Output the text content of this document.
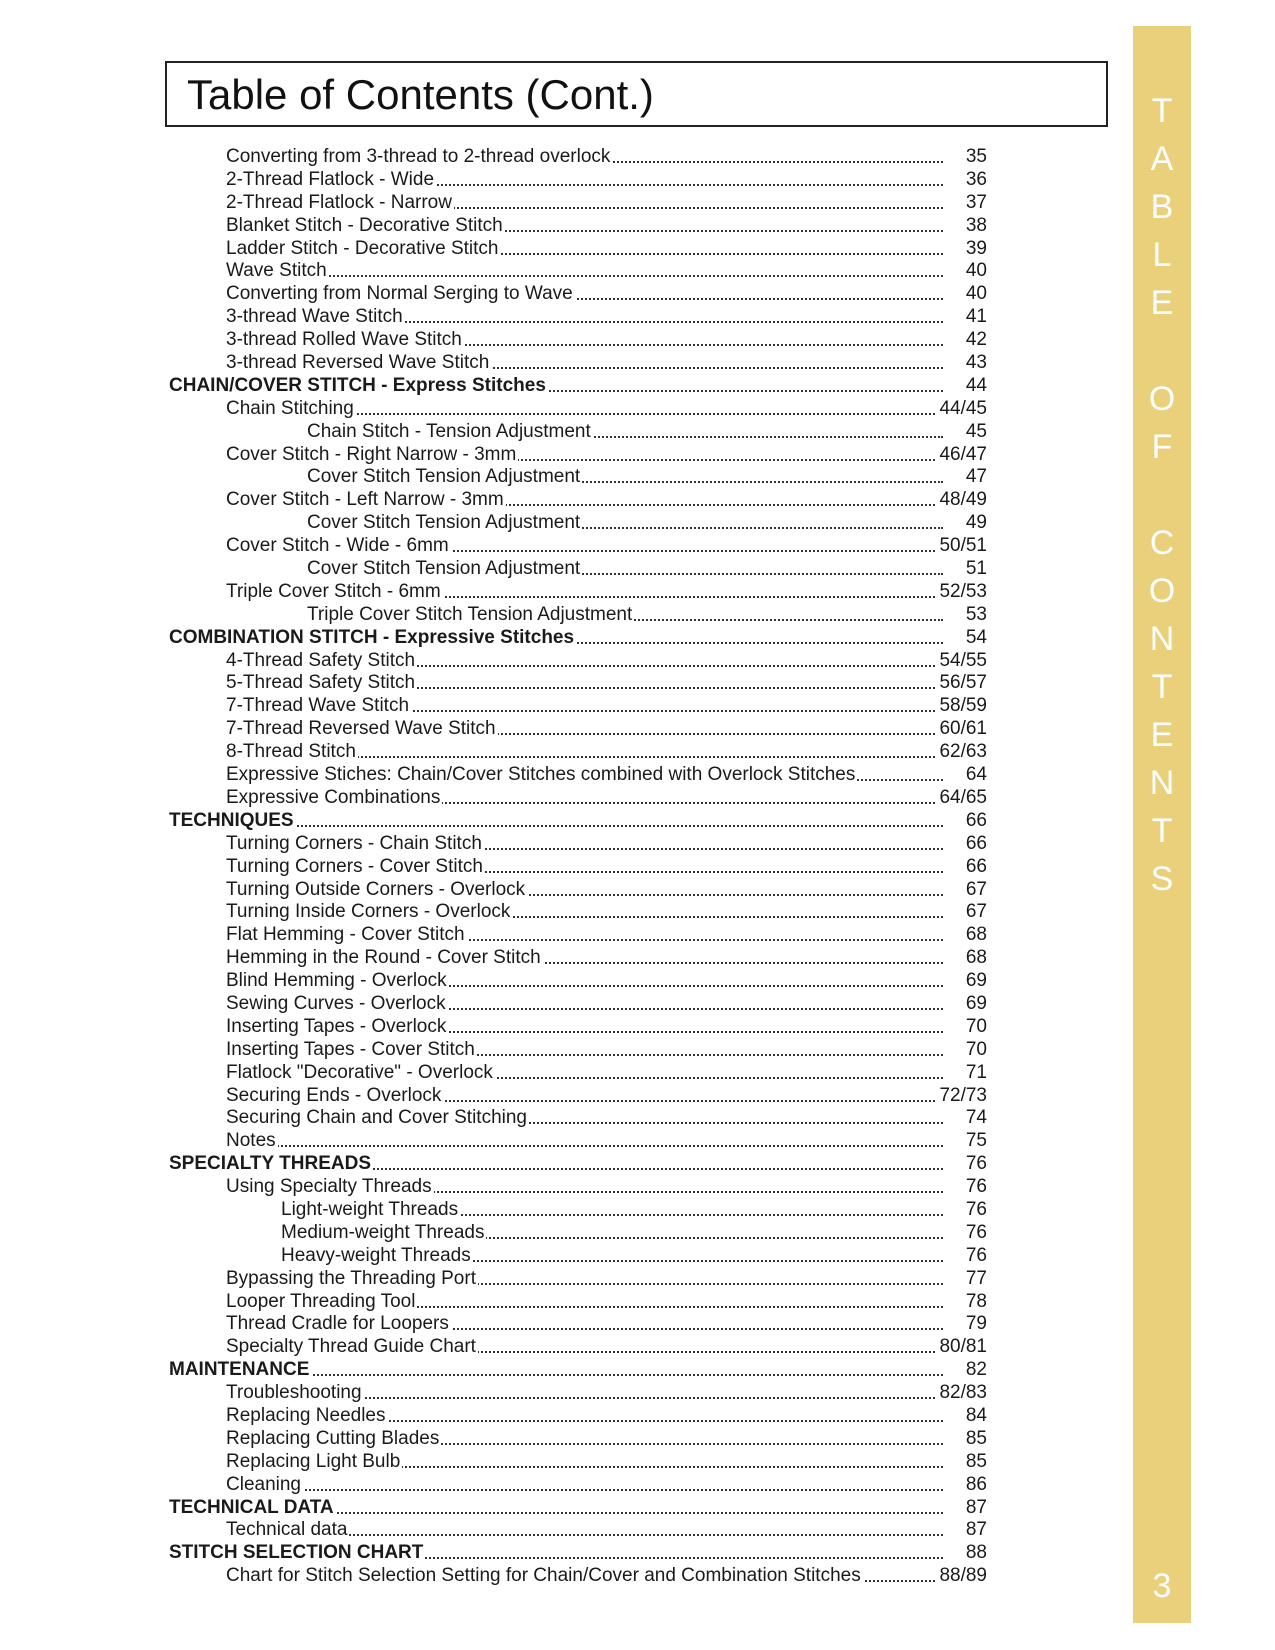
Table of Contents (Cont.)
Converting from 3-thread to 2-thread overlock	35
2-Thread Flatlock - Wide	36
2-Thread Flatlock - Narrow	37
Blanket Stitch - Decorative Stitch	38
Ladder Stitch - Decorative Stitch	39
Wave Stitch	40
Converting from Normal Serging to Wave	40
3-thread Wave Stitch	41
3-thread Rolled Wave Stitch	42
3-thread Reversed Wave Stitch	43
CHAIN/COVER STITCH - Express Stitches	44
Chain Stitching	44/45
Chain Stitch - Tension Adjustment	45
Cover Stitch - Right Narrow - 3mm	46/47
Cover Stitch Tension Adjustment	47
Cover Stitch - Left Narrow - 3mm	48/49
Cover Stitch Tension Adjustment	49
Cover Stitch - Wide - 6mm	50/51
Cover Stitch Tension Adjustment	51
Triple Cover Stitch - 6mm	52/53
Triple Cover Stitch Tension Adjustment	53
COMBINATION STITCH - Expressive Stitches	54
4-Thread Safety Stitch	54/55
5-Thread Safety Stitch	56/57
7-Thread Wave Stitch	58/59
7-Thread Reversed Wave Stitch	60/61
8-Thread Stitch	62/63
Expressive Stiches: Chain/Cover Stitches combined with Overlock Stitches	64
Expressive Combinations	64/65
TECHNIQUES	66
Turning Corners - Chain Stitch	66
Turning Corners - Cover Stitch	66
Turning Outside Corners - Overlock	67
Turning Inside Corners - Overlock	67
Flat Hemming - Cover Stitch	68
Hemming in the Round - Cover Stitch	68
Blind Hemming - Overlock	69
Sewing Curves - Overlock	69
Inserting Tapes - Overlock	70
Inserting Tapes - Cover Stitch	70
Flatlock "Decorative" - Overlock	71
Securing Ends - Overlock	72/73
Securing Chain and Cover Stitching	74
Notes	75
SPECIALTY THREADS	76
Using Specialty Threads	76
Light-weight Threads	76
Medium-weight Threads	76
Heavy-weight Threads	76
Bypassing the Threading Port	77
Looper Threading Tool	78
Thread Cradle for Loopers	79
Specialty Thread Guide Chart	80/81
MAINTENANCE	82
Troubleshooting	82/83
Replacing Needles	84
Replacing Cutting Blades	85
Replacing Light Bulb	85
Cleaning	86
TECHNICAL DATA	87
Technical data	87
STITCH SELECTION CHART	88
Chart for Stitch Selection Setting for Chain/Cover and Combination Stitches	88/89	3
T
A
B
L
E
O
F
C
O
N
T
E
N
T
S
